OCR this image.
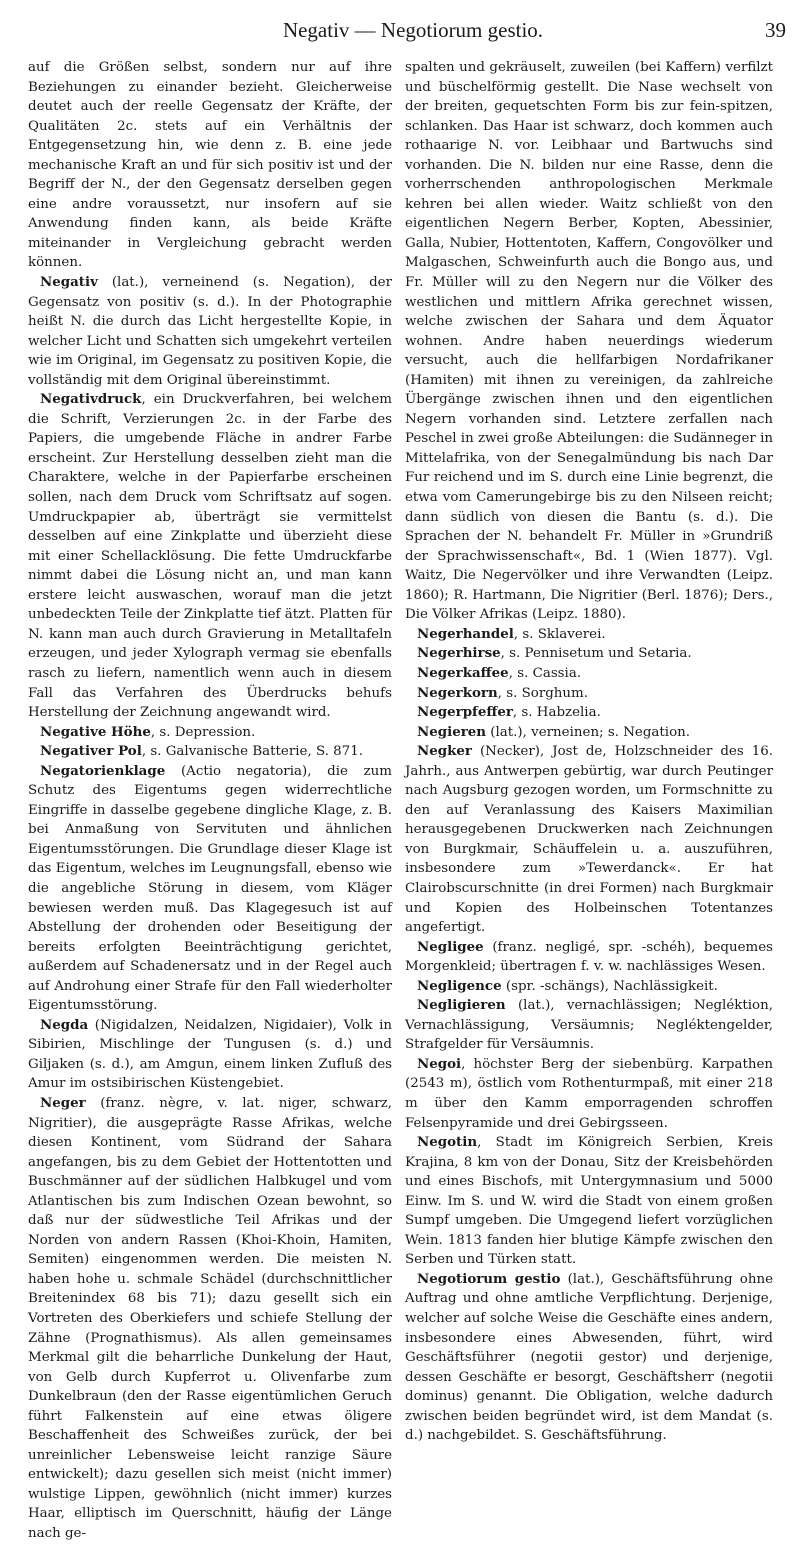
Negativ — Negotiorum gestio.	39

auf die Größen selbst, sondern nur auf ihre Beziehungen zu einander bezieht. Gleicherweise deutet auch der reelle Gegensatz der Kräfte, der Qualitäten 2c. stets auf ein Verhältnis der Entgegensetzung hin, wie denn z. B. eine jede mechanische Kraft an und für sich positiv ist und der Begriff der N., der den Gegensatz derselben gegen eine andre voraussetzt, nur insofern auf sie Anwendung finden kann, als beide Kräfte miteinander in Vergleichung gebracht werden können.

Negativ (lat.), verneinend (s. Negation), der Gegensatz von positiv (s. d.). In der Photographie heißt N. die durch das Licht hergestellte Kopie, in welcher Licht und Schatten sich umgekehrt verteilen wie im Original, im Gegensatz zu positiven Kopie, die vollständig mit dem Original übereinstimmt.

Negativdruck, ein Druckverfahren, bei welchem die Schrift, Verzierungen 2c. in der Farbe des Papiers, die umgebende Fläche in andrer Farbe erscheint. Zur Herstellung desselben zieht man die Charaktere, welche in der Papierfarbe erscheinen sollen, nach dem Druck vom Schriftsatz auf sogen. Umdruckpapier ab, überträgt sie vermittelst desselben auf eine Zinkplatte und überzieht diese mit einer Schellacklösung. Die fette Umdruckfarbe nimmt dabei die Lösung nicht an, und man kann erstere leicht auswaschen, worauf man die jetzt unbedeckten Teile der Zinkplatte tief ätzt. Platten für N. kann man auch durch Gravierung in Metalltafeln erzeugen, und jeder Xylograph vermag sie ebenfalls rasch zu liefern, namentlich wenn auch in diesem Fall das Verfahren des Überdrucks behufs Herstellung der Zeichnung angewandt wird.

Negative Höhe, s. Depression.

Negativer Pol, s. Galvanische Batterie, S. 871.

Negatorienklage (Actio negatoria), die zum Schutz des Eigentums gegen widerrechtliche Eingriffe in dasselbe gegebene dingliche Klage, z. B. bei Anmaßung von Servituten und ähnlichen Eigentumsstörungen. Die Grundlage dieser Klage ist das Eigentum, welches im Leugnungsfall, ebenso wie die angebliche Störung in diesem, vom Kläger bewiesen werden muß. Das Klagegesuch ist auf Abstellung der drohenden oder Beseitigung der bereits erfolgten Beeinträchtigung gerichtet, außerdem auf Schadenersatz und in der Regel auch auf Androhung einer Strafe für den Fall wiederholter Eigentumsstörung.

Negda (Nigidalzen, Neidalzen, Nigidaier), Volk in Sibirien, Mischlinge der Tungusen (s. d.) und Giljaken (s. d.), am Amgun, einem linken Zufluß des Amur im ostsibirischen Küstengebiet.

Neger (franz. nègre, v. lat. niger, schwarz, Nigritier), die ausgeprägte Rasse Afrikas, welche diesen Kontinent, vom Südrand der Sahara angefangen, bis zu dem Gebiet der Hottentotten und Buschmänner auf der südlichen Halbkugel und vom Atlantischen bis zum Indischen Ozean bewohnt, so daß nur der südwestliche Teil Afrikas und der Norden von andern Rassen (Khoi-Khoin, Hamiten, Semiten) eingenommen werden. Die meisten N. haben hohe u. schmale Schädel (durchschnittlicher Breitenindex 68 bis 71); dazu gesellt sich ein Vortreten des Oberkiefers und schiefe Stellung der Zähne (Prognathismus). Als allen gemeinsames Merkmal gilt die beharrliche Dunkelung der Haut, von Gelb durch Kupferrot u. Olivenfarbe zum Dunkelbraun (den der Rasse eigentümlichen Geruch führt Falkenstein auf eine etwas öligere Beschaffenheit des Schweißes zurück, der bei unreinlicher Lebensweise leicht ranzige Säure entwickelt); dazu gesellen sich meist (nicht immer) wulstige Lippen, gewöhnlich (nicht immer) kurzes Haar, elliptisch im Querschnitt, häufig der Länge nach ge-

spalten und gekräuselt, zuweilen (bei Kaffern) verfilzt und büschelförmig gestellt. Die Nase wechselt von der breiten, gequetschten Form bis zur fein-spitzen, schlanken. Das Haar ist schwarz, doch kommen auch rothaarige N. vor. Leibhaar und Bartwuchs sind vorhanden. Die N. bilden nur eine Rasse, denn die vorherrschenden anthropologischen Merkmale kehren bei allen wieder. Waitz schließt von den eigentlichen Negern Berber, Kopten, Abessinier, Galla, Nubier, Hottentoten, Kaffern, Congovölker und Malgaschen, Schweinfurth auch die Bongo aus, und Fr. Müller will zu den Negern nur die Völker des westlichen und mittlern Afrika gerechnet wissen, welche zwischen der Sahara und dem Äquator wohnen. Andre haben neuerdings wiederum versucht, auch die hellfarbigen Nordafrikaner (Hamiten) mit ihnen zu vereinigen, da zahlreiche Übergänge zwischen ihnen und den eigentlichen Negern vorhanden sind. Letztere zerfallen nach Peschel in zwei große Abteilungen: die Sudänneger in Mittelafrika, von der Senegalmündung bis nach Dar Fur reichend und im S. durch eine Linie begrenzt, die etwa vom Camerungebirge bis zu den Nilseen reicht; dann südlich von diesen die Bantu (s. d.). Die Sprachen der N. behandelt Fr. Müller in »Grundriß der Sprachwissenschaft«, Bd. 1 (Wien 1877). Vgl. Waitz, Die Negervölker und ihre Verwandten (Leipz. 1860); R. Hartmann, Die Nigritier (Berl. 1876); Ders., Die Völker Afrikas (Leipz. 1880).

Negerhandel, s. Sklaverei.

Negerhirse, s. Pennisetum und Setaria.

Negerkaffee, s. Cassia.

Negerkorn, s. Sorghum.

Negerpfeffer, s. Habzelia.

Negieren (lat.), verneinen; s. Negation.

Negker (Necker), Jost de, Holzschneider des 16. Jahrh., aus Antwerpen gebürtig, war durch Peutinger nach Augsburg gezogen worden, um Formschnitte zu den auf Veranlassung des Kaisers Maximilian herausgegebenen Druckwerken nach Zeichnungen von Burgkmair, Schäuffelein u. a. auszuführen, insbesondere zum »Tewerdanck«. Er hat Clairobscurschnitte (in drei Formen) nach Burgkmair und Kopien des Holbeinschen Totentanzes angefertigt.

Negligee (franz. negligé, spr. -schéh), bequemes Morgenkleid; übertragen f. v. w. nachlässiges Wesen.

Negligence (spr. -schängs), Nachlässigkeit.

Negligieren (lat.), vernachlässigen; Negléktion, Vernachlässigung, Versäumnis; Negléktengelder, Strafgelder für Versäumnis.

Negoi, höchster Berg der siebenbürg. Karpathen (2543 m), östlich vom Rothenturmpaß, mit einer 218 m über den Kamm emporragenden schroffen Felsenpyramide und drei Gebirgsseen.

Negotin, Stadt im Königreich Serbien, Kreis Krajina, 8 km von der Donau, Sitz der Kreisbehörden und eines Bischofs, mit Untergymnasium und 5000 Einw. Im S. und W. wird die Stadt von einem großen Sumpf umgeben. Die Umgegend liefert vorzüglichen Wein. 1813 fanden hier blutige Kämpfe zwischen den Serben und Türken statt.

Negotiorum gestio (lat.), Geschäftsführung ohne Auftrag und ohne amtliche Verpflichtung. Derjenige, welcher auf solche Weise die Geschäfte eines andern, insbesondere eines Abwesenden, führt, wird Geschäftsführer (negotii gestor) und derjenige, dessen Geschäfte er besorgt, Geschäftsherr (negotii dominus) genannt. Die Obligation, welche dadurch zwischen beiden begründet wird, ist dem Mandat (s. d.) nachgebildet. S. Geschäftsführung.
